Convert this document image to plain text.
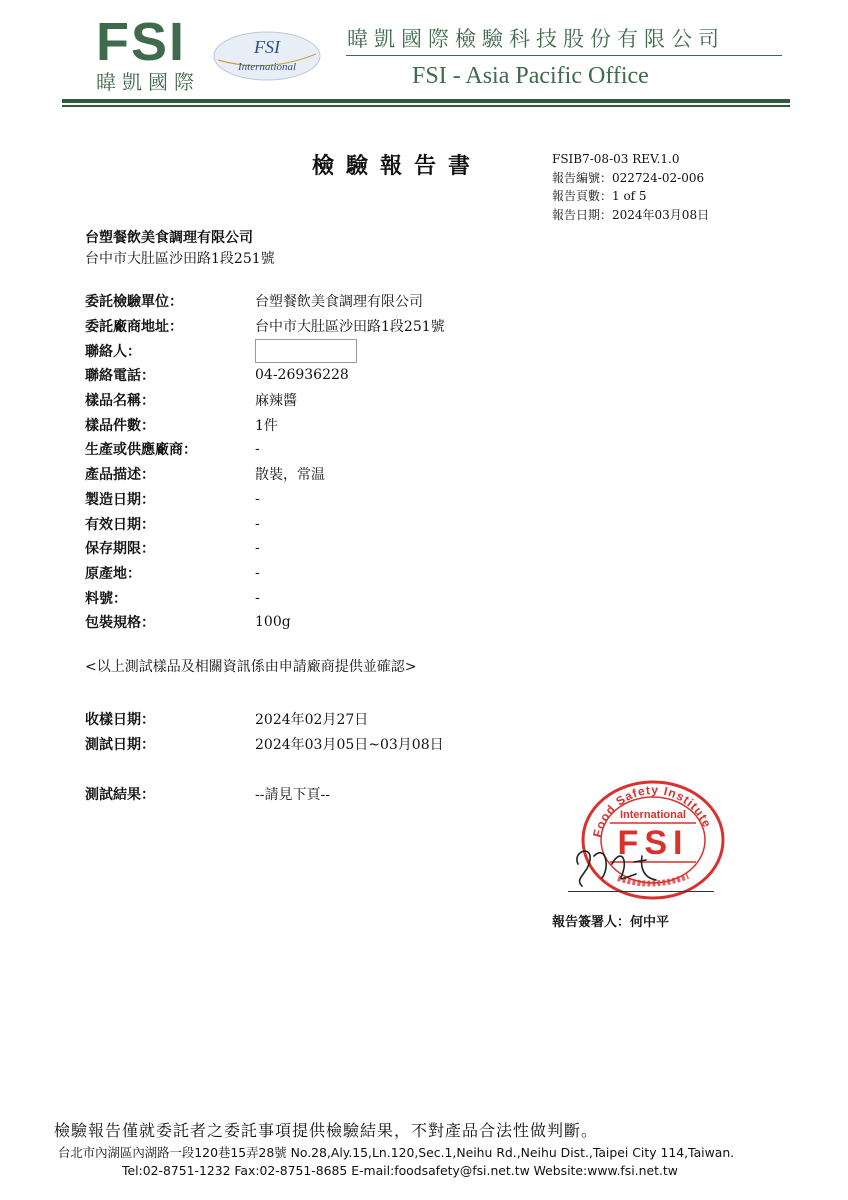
FSI
暐凱國際
FSI
International
暐凱國際檢驗科技股份有限公司
FSI - Asia Pacific Office
檢驗報告書	FSIB7-08-03 REV.1.0
報告編號：022724-02-006
報告頁數：1 of 5
報告日期：2024年03月08日
台塑餐飲美食調理有限公司
台中市大肚區沙田路1段251號
委託檢驗單位：	台塑餐飲美食調理有限公司
委託廠商地址：	台中市大肚區沙田路1段251號
聯絡人：
聯絡電話：	04-26936228
樣品名稱：	麻辣醬
樣品件數：	1件
生產或供應廠商：	-
產品描述：	散裝，常温
製造日期：	-
有效日期：	-
保存期限：	-
原產地：	-
料號：	-
包裝規格：	100g
<以上測試樣品及相關資訊係由申請廠商提供並確認>
收樣日期：	2024年02月27日
測試日期：	2024年03月05日~03月08日
測試結果：	--請見下頁--
Food Safety Institute
International
FSI
報告簽署人：何中平
檢驗報告僅就委託者之委託事項提供檢驗結果，不對產品合法性做判斷。
台北市內湖區內湖路一段120巷15弄28號 No.28,Aly.15,Ln.120,Sec.1,Neihu Rd.,Neihu Dist.,Taipei City 114,Taiwan.
Tel:02-8751-1232 Fax:02-8751-8685 E-mail:foodsafety@fsi.net.tw Website:www.fsi.net.tw
